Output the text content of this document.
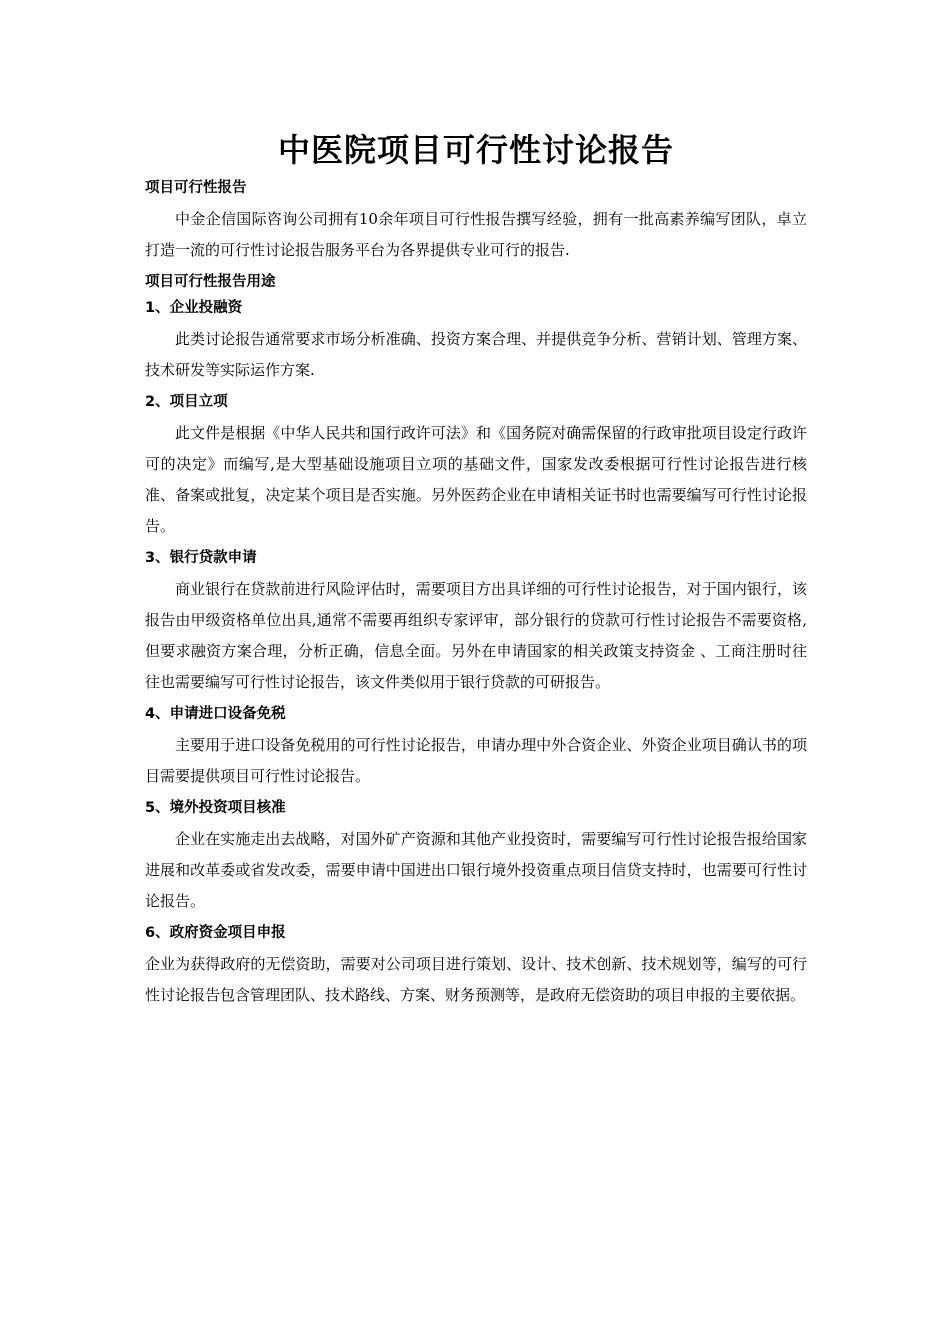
中医院项目可行性讨论报告
项目可行性报告

中金企信国际咨询公司拥有10余年项目可行性报告撰写经验，拥有一批高素养编写团队，卓立打造一流的可行性讨论报告服务平台为各界提供专业可行的报告.

项目可行性报告用途
1、企业投融资

此类讨论报告通常要求市场分析准确、投资方案合理、并提供竞争分析、营销计划、管理方案、技术研发等实际运作方案.

2、项目立项

此文件是根据《中华人民共和国行政许可法》和《国务院对确需保留的行政审批项目设定行政许可的决定》而编写,是大型基础设施项目立项的基础文件，国家发改委根据可行性讨论报告进行核准、备案或批复，决定某个项目是否实施。另外医药企业在申请相关证书时也需要编写可行性讨论报告。

3、银行贷款申请

商业银行在贷款前进行风险评估时，需要项目方出具详细的可行性讨论报告，对于国内银行，该报告由甲级资格单位出具,通常不需要再组织专家评审，部分银行的贷款可行性讨论报告不需要资格,但要求融资方案合理，分析正确，信息全面。另外在申请国家的相关政策支持资金 、工商注册时往往也需要编写可行性讨论报告，该文件类似用于银行贷款的可研报告。

4、申请进口设备免税

主要用于进口设备免税用的可行性讨论报告，申请办理中外合资企业、外资企业项目确认书的项目需要提供项目可行性讨论报告。

5、境外投资项目核准

企业在实施走出去战略，对国外矿产资源和其他产业投资时，需要编写可行性讨论报告报给国家进展和改革委或省发改委，需要申请中国进出口银行境外投资重点项目信贷支持时，也需要可行性讨论报告。

6、政府资金项目申报

企业为获得政府的无偿资助，需要对公司项目进行策划、设计、技术创新、技术规划等，编写的可行性讨论报告包含管理团队、技术路线、方案、财务预测等，是政府无偿资助的项目申报的主要依据。
